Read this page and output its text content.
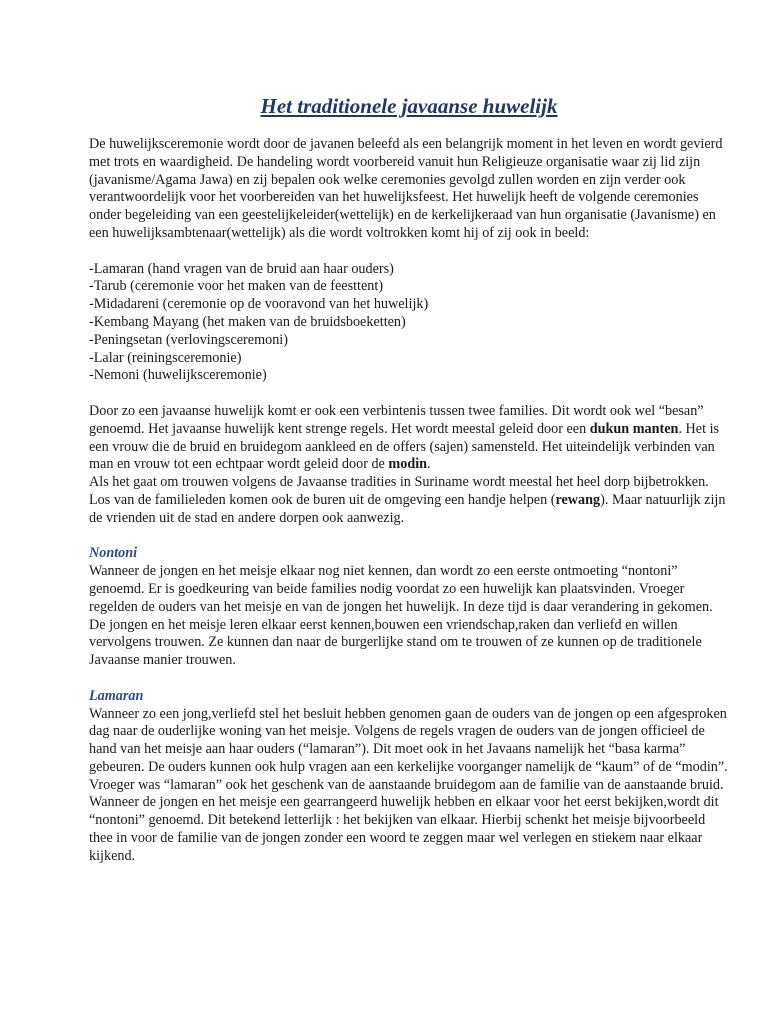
Het traditionele javaanse huwelijk

De huwelijksceremonie wordt door de javanen beleefd als een belangrijk moment in het leven en wordt gevierd met trots en waardigheid. De handeling wordt voorbereid vanuit hun Religieuze organisatie waar zij lid zijn (javanisme/Agama Jawa) en zij bepalen ook welke ceremonies gevolgd zullen worden en zijn verder ook verantwoordelijk voor het voorbereiden van het huwelijksfeest. Het huwelijk heeft de volgende ceremonies onder begeleiding van een geestelijkeleider(wettelijk) en de kerkelijkeraad van hun organisatie (Javanisme) en een huwelijksambtenaar(wettelijk) als die wordt voltrokken komt hij of zij ook in beeld:

-Lamaran (hand vragen van de bruid aan haar ouders)
-Tarub (ceremonie voor het maken van de feesttent)
-Midadareni (ceremonie op de vooravond van het huwelijk)
-Kembang Mayang (het maken van de bruidsboeketten)
-Peningsetan (verlovingsceremoni)
-Lalar (reiningsceremonie)
-Nemoni (huwelijksceremonie)

Door zo een javaanse huwelijk komt er ook een verbintenis tussen twee families. Dit wordt ook wel “besan” genoemd. Het javaanse huwelijk kent strenge regels. Het wordt meestal geleid door een dukun manten. Het is een vrouw die de bruid en bruidegom aankleed en de offers (sajen) samensteld. Het uiteindelijk verbinden van man en vrouw tot een echtpaar wordt geleid door de modin.

Als het gaat om trouwen volgens de Javaanse tradities in Suriname wordt meestal het heel dorp bijbetrokken. Los van de familieleden komen ook de buren uit de omgeving een handje helpen (rewang). Maar natuurlijk zijn de vrienden uit de stad en andere dorpen ook aanwezig.

Nontoni

Wanneer de jongen en het meisje elkaar nog niet kennen, dan wordt zo een eerste ontmoeting “nontoni” genoemd. Er is goedkeuring van beide families nodig voordat zo een huwelijk kan plaatsvinden. Vroeger regelden de ouders van het meisje en van de jongen het huwelijk. In deze tijd is daar verandering in gekomen. De jongen en het meisje leren elkaar eerst kennen,bouwen een vriendschap,raken dan verliefd en willen vervolgens trouwen. Ze kunnen dan naar de burgerlijke stand om te trouwen of ze kunnen op de traditionele Javaanse manier trouwen.

Lamaran

Wanneer zo een jong,verliefd stel het besluit hebben genomen gaan de ouders van de jongen op een afgesproken dag naar de ouderlijke woning van het meisje. Volgens de regels vragen de ouders van de jongen officieel de hand van het meisje aan haar ouders (“lamaran”). Dit moet ook in het Javaans namelijk het “basa karma” gebeuren. De ouders kunnen ook hulp vragen aan een kerkelijke voorganger namelijk de “kaum” of de “modin”. Vroeger was “lamaran” ook het geschenk van de aanstaande bruidegom aan de familie van de aanstaande bruid. Wanneer de jongen en het meisje een gearrangeerd huwelijk hebben en elkaar voor het eerst bekijken,wordt dit “nontoni” genoemd. Dit betekend letterlijk : het bekijken van elkaar. Hierbij schenkt het meisje bijvoorbeeld thee in voor de familie van de jongen zonder een woord te zeggen maar wel verlegen en stiekem naar elkaar kijkend.
